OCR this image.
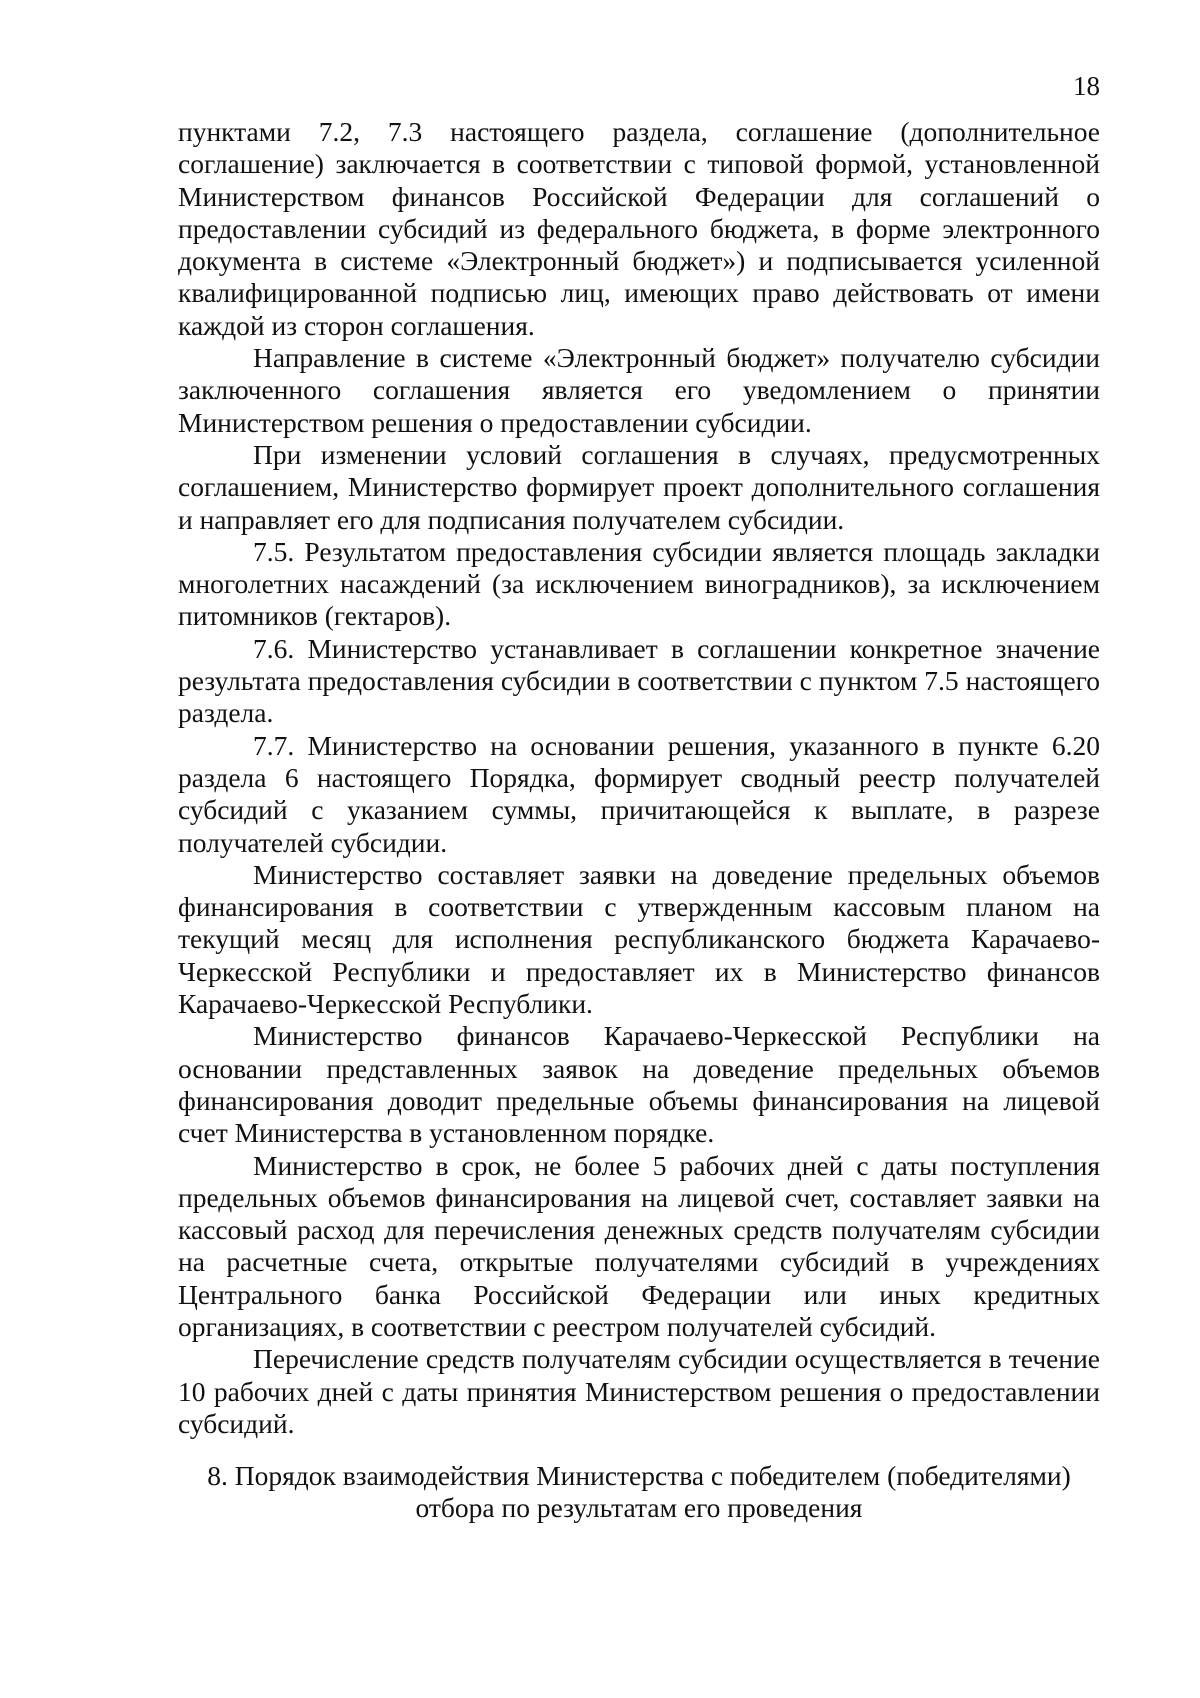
18

пунктами 7.2, 7.3 настоящего раздела, соглашение (дополнительное соглашение) заключается в соответствии с типовой формой, установленной Министерством финансов Российской Федерации для соглашений о предоставлении субсидий из федерального бюджета, в форме электронного документа в системе «Электронный бюджет») и подписывается усиленной квалифицированной подписью лиц, имеющих право действовать от имени каждой из сторон соглашения.

Направление в системе «Электронный бюджет» получателю субсидии заключенного соглашения является его уведомлением о принятии Министерством решения о предоставлении субсидии.

При изменении условий соглашения в случаях, предусмотренных соглашением, Министерство формирует проект дополнительного соглашения и направляет его для подписания получателем субсидии.

7.5. Результатом предоставления субсидии является площадь закладки многолетних насаждений (за исключением виноградников), за исключением питомников (гектаров).

7.6. Министерство устанавливает в соглашении конкретное значение результата предоставления субсидии в соответствии с пунктом 7.5 настоящего раздела.

7.7. Министерство на основании решения, указанного в пункте 6.20 раздела 6 настоящего Порядка, формирует сводный реестр получателей субсидий с указанием суммы, причитающейся к выплате, в разрезе получателей субсидии.

Министерство составляет заявки на доведение предельных объемов финансирования в соответствии с утвержденным кассовым планом на текущий месяц для исполнения республиканского бюджета Карачаево-Черкесской Республики и предоставляет их в Министерство финансов Карачаево-Черкесской Республики.

Министерство финансов Карачаево-Черкесской Республики на основании представленных заявок на доведение предельных объемов финансирования доводит предельные объемы финансирования на лицевой счет Министерства в установленном порядке.

Министерство в срок, не более 5 рабочих дней с даты поступления предельных объемов финансирования на лицевой счет, составляет заявки на кассовый расход для перечисления денежных средств получателям субсидии на расчетные счета, открытые получателями субсидий в учреждениях Центрального банка Российской Федерации или иных кредитных организациях, в соответствии с реестром получателей субсидий.

Перечисление средств получателям субсидии осуществляется в течение 10 рабочих дней с даты принятия Министерством решения о предоставлении субсидий.

8. Порядок взаимодействия Министерства с победителем (победителями)
отбора по результатам его проведения
